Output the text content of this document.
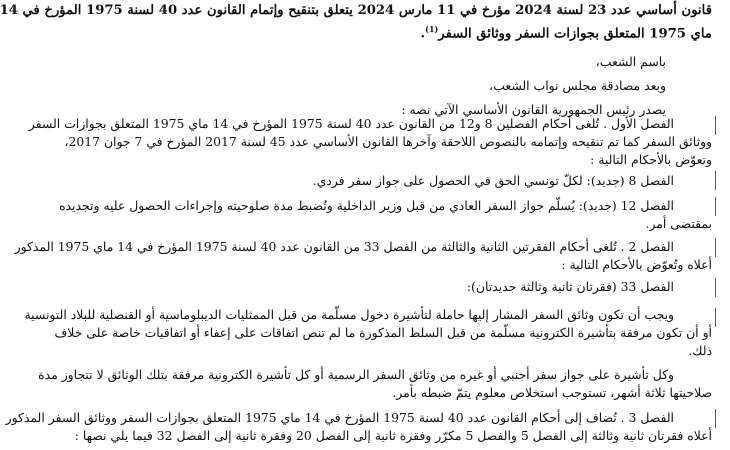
قانون أساسي عدد 23 لسنة 2024 مؤرخ في 11 مارس 2024 يتعلق بتنقيح وإتمام القانون عدد 40 لسنة 1975 المؤرخ في 14
ماي 1975 المتعلق بجوازات السفر ووثائق السفر$^{(1)}$.
باسم الشعب،
وبعد مصادقة مجلس نواب الشعب،
يصدر رئيس الجمهورية القانون الأساسي الآتي نصه :
الفصل الأول . تُلغى أحكام الفصلين 8 و12 من القانون عدد 40 لسنة 1975 المؤرخ في 14 ماي 1975 المتعلق بجوازات السفر
ووثائق السفر كما تم تنقيحه وإتمامه بالنصوص اللاحقة وآخرها القانون الأساسي عدد 45 لسنة 2017 المؤرخ في 7 جوان 2017،
وتعوّض بالأحكام التالية :
الفصل 8 (جديد): لكلّ تونسي الحق في الحصول على جواز سفر فردي.
الفصل 12 (جديد): يُسلّم جواز السفر العادي من قبل وزير الداخلية وتُضبط مدة صلوحيته وإجراءات الحصول عليه وتجديده
بمقتضى أمر.
الفصل 2 . تُلغى أحكام الفقرتين الثانية والثالثة من الفصل 33 من القانون عدد 40 لسنة 1975 المؤرخ في 14 ماي 1975 المذكور
أعلاه وتُعوّض بالأحكام التالية :
الفصل 33 (فقرتان ثانية وثالثة جديدتان):
ويجب أن تكون وثائق السفر المشار إليها حاملة لتأشيرة دخول مسلّمة من قبل الممثليات الديبلوماسية أو القنصلية للبلاد التونسية
أو أن تكون مرفقة بتأشيرة الكترونية مسلّمة من قبل السلط المذكورة ما لم تنص اتفاقات على إعفاء أو اتفاقيات خاصة على خلاف
ذلك.
وكل تأشيرة على جواز سفر أجنبي أو غيره من وثائق السفر الرسمية أو كل تأشيرة الكترونية مرفقة بتلك الوثائق لا تتجاوز مدة
صلاحيتها ثلاثة أشهر، تستوجب استخلاص معلوم يتمّ ضبطه بأمر.
الفصل 3 . تُضاف إلى أحكام القانون عدد 40 لسنة 1975 المؤرخ في 14 ماي 1975 المتعلق بجوازات السفر ووثائق السفر المذكور
أعلاه فقرتان ثانية وثالثة إلى الفصل 5 والفصل 5 مكرّر وفقرة ثانية إلى الفصل 20 وفقرة ثانية إلى الفصل 32 فيما يلي نصها :
